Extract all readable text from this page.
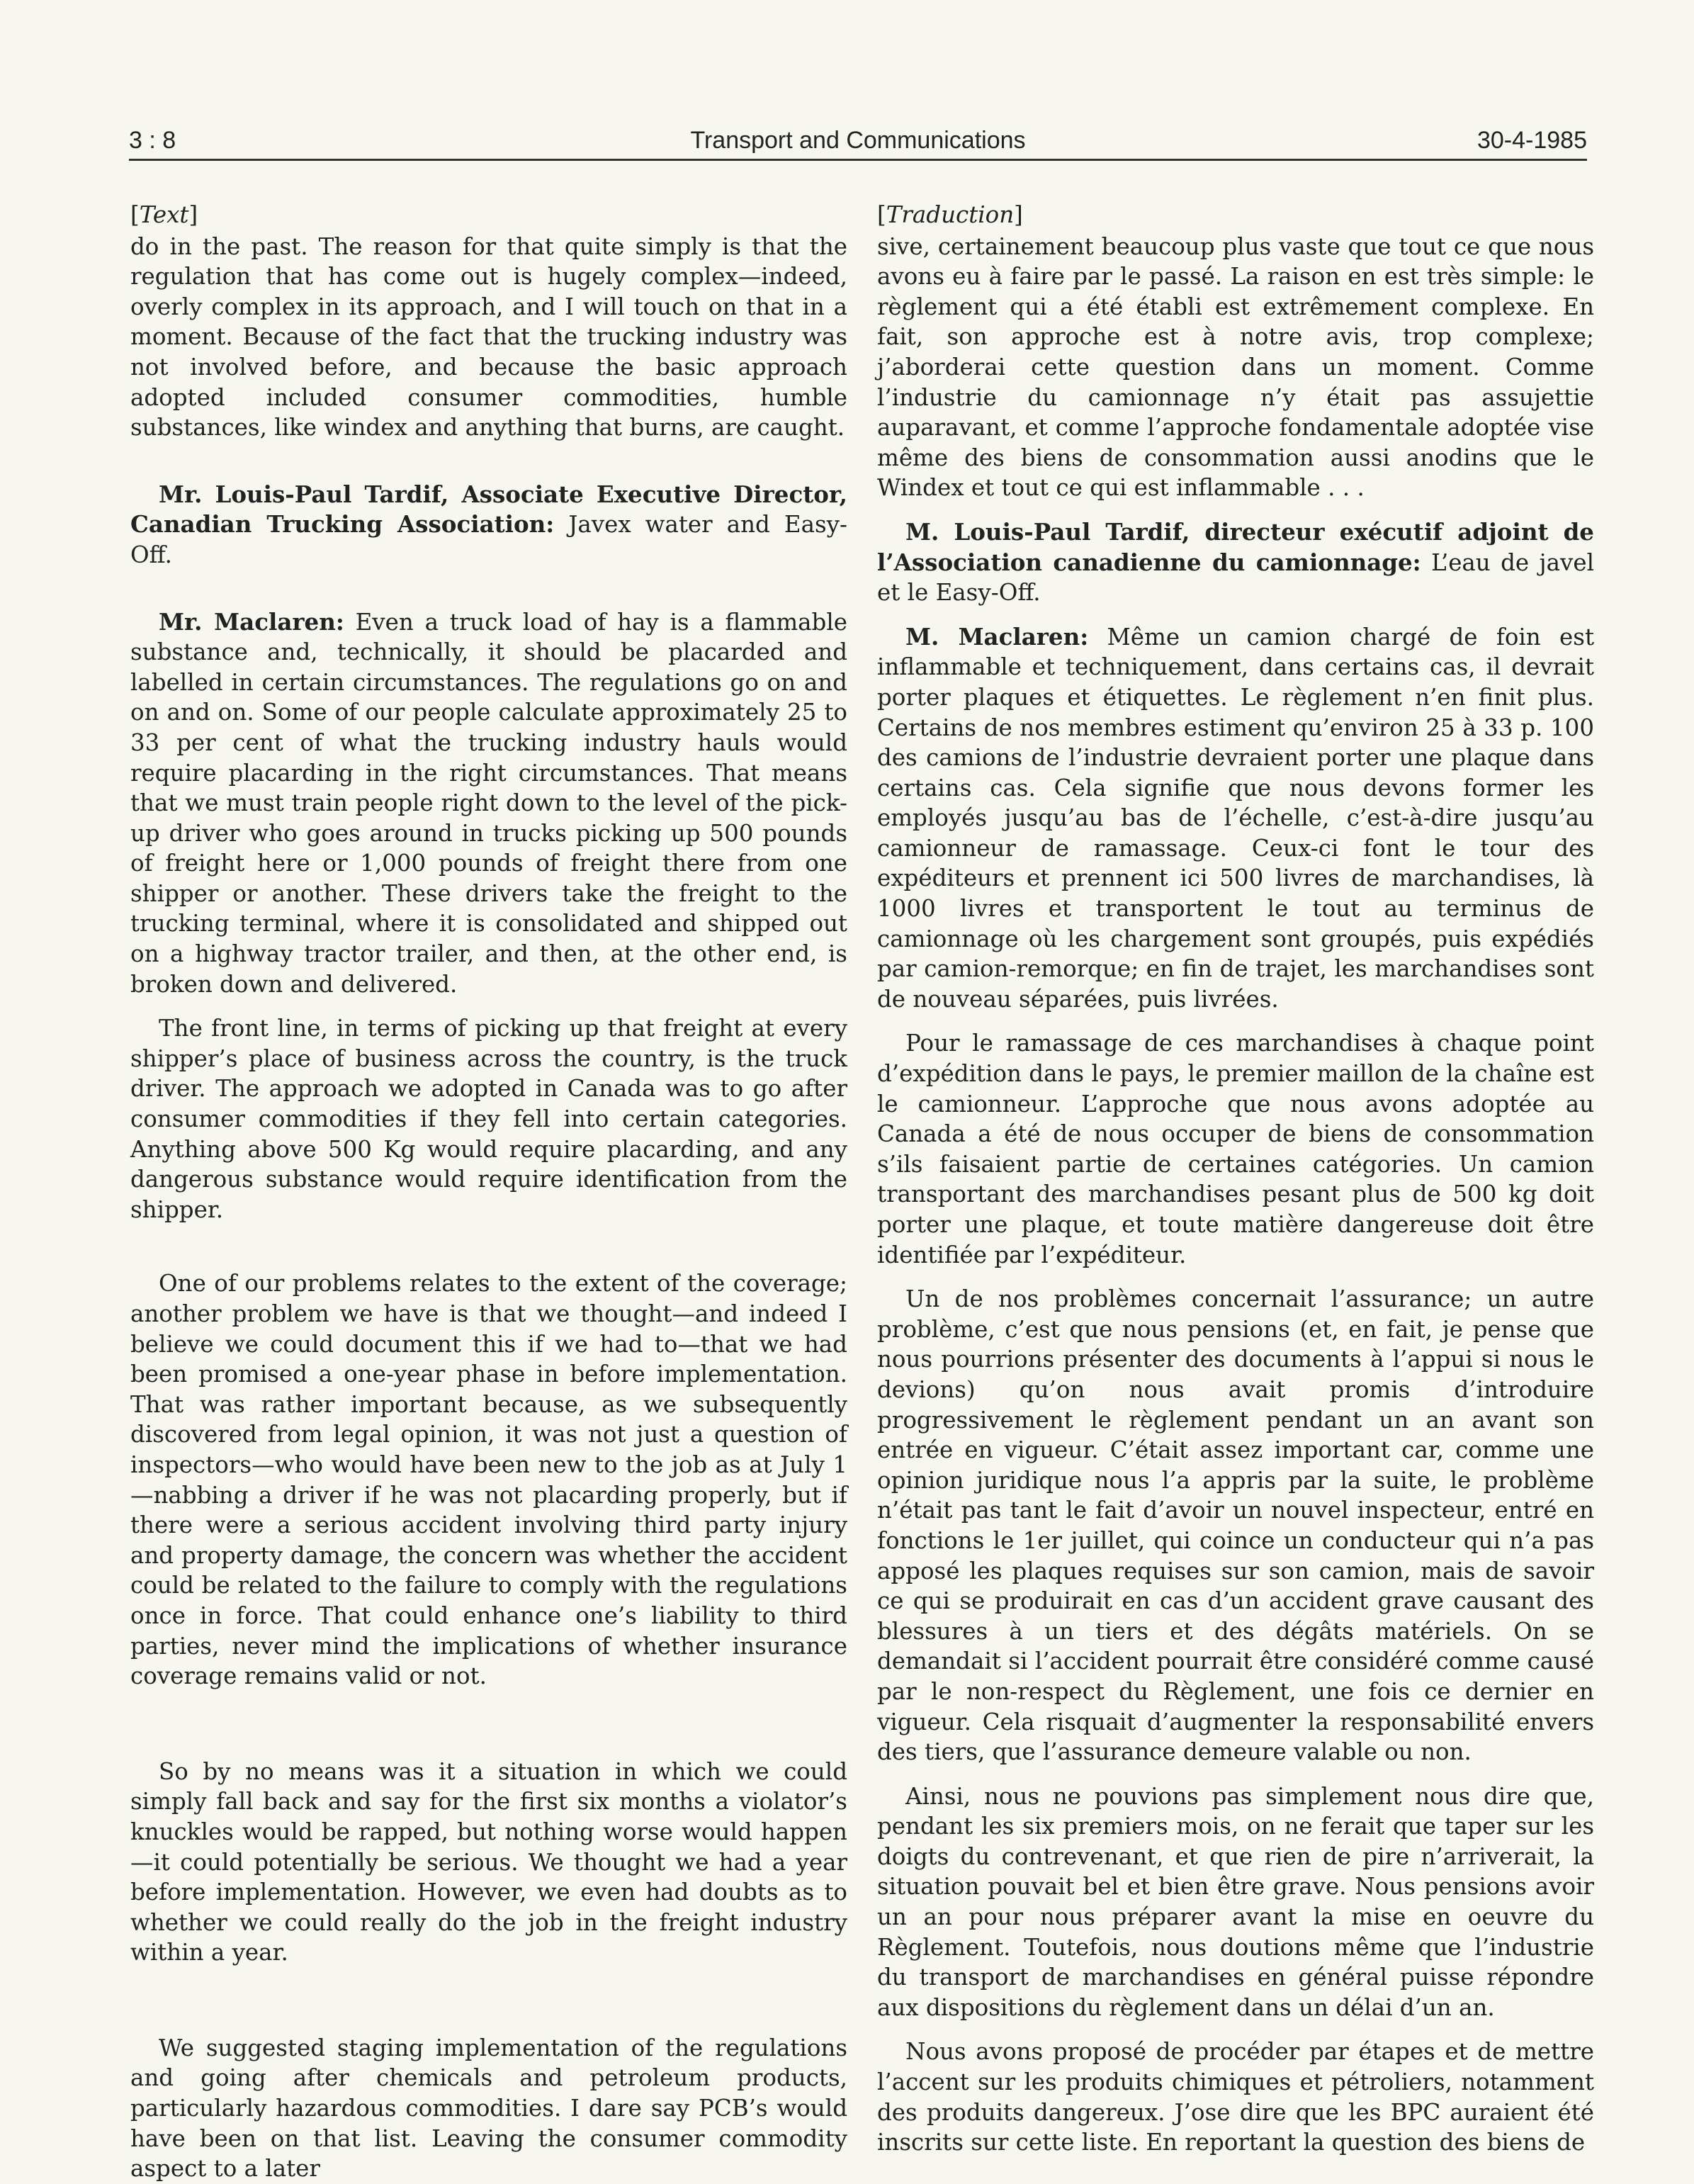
3 : 8	Transport and Communications	30-4-1985

[Text]

do in the past. The reason for that quite simply is that the regulation that has come out is hugely complex—indeed, overly complex in its approach, and I will touch on that in a moment. Because of the fact that the trucking industry was not involved before, and because the basic approach adopted included consumer commodities, humble substances, like windex and anything that burns, are caught.

Mr. Louis-Paul Tardif, Associate Executive Director, Canadian Trucking Association: Javex water and Easy-Off.

Mr. Maclaren: Even a truck load of hay is a flammable substance and, technically, it should be placarded and labelled in certain circumstances. The regulations go on and on and on. Some of our people calculate approximately 25 to 33 per cent of what the trucking industry hauls would require placarding in the right circumstances. That means that we must train people right down to the level of the pick-up driver who goes around in trucks picking up 500 pounds of freight here or 1,000 pounds of freight there from one shipper or another. These drivers take the freight to the trucking terminal, where it is consolidated and shipped out on a highway tractor trailer, and then, at the other end, is broken down and delivered.

The front line, in terms of picking up that freight at every shipper’s place of business across the country, is the truck driver. The approach we adopted in Canada was to go after consumer commodities if they fell into certain categories. Anything above 500 Kg would require placarding, and any dangerous substance would require identification from the shipper.

One of our problems relates to the extent of the coverage; another problem we have is that we thought—and indeed I believe we could document this if we had to—that we had been promised a one-year phase in before implementation. That was rather important because, as we subsequently discovered from legal opinion, it was not just a question of inspectors—who would have been new to the job as at July 1—nabbing a driver if he was not placarding properly, but if there were a serious accident involving third party injury and property damage, the concern was whether the accident could be related to the failure to comply with the regulations once in force. That could enhance one’s liability to third parties, never mind the implications of whether insurance coverage remains valid or not.

So by no means was it a situation in which we could simply fall back and say for the first six months a violator’s knuckles would be rapped, but nothing worse would happen—it could potentially be serious. We thought we had a year before implementation. However, we even had doubts as to whether we could really do the job in the freight industry within a year.

We suggested staging implementation of the regulations and going after chemicals and petroleum products, particularly hazardous commodities. I dare say PCB’s would have been on that list. Leaving the consumer commodity aspect to a later

[Traduction]

sive, certainement beaucoup plus vaste que tout ce que nous avons eu à faire par le passé. La raison en est très simple: le règlement qui a été établi est extrêmement complexe. En fait, son approche est à notre avis, trop complexe; j’aborderai cette question dans un moment. Comme l’industrie du camionnage n’y était pas assujettie auparavant, et comme l’approche fondamentale adoptée vise même des biens de consommation aussi anodins que le Windex et tout ce qui est inflammable . . .

M. Louis-Paul Tardif, directeur exécutif adjoint de l’Association canadienne du camionnage: L’eau de javel et le Easy-Off.

M. Maclaren: Même un camion chargé de foin est inflammable et techniquement, dans certains cas, il devrait porter plaques et étiquettes. Le règlement n’en finit plus. Certains de nos membres estiment qu’environ 25 à 33 p. 100 des camions de l’industrie devraient porter une plaque dans certains cas. Cela signifie que nous devons former les employés jusqu’au bas de l’échelle, c’est-à-dire jusqu’au camionneur de ramassage. Ceux-ci font le tour des expéditeurs et prennent ici 500 livres de marchandises, là 1000 livres et transportent le tout au terminus de camionnage où les chargement sont groupés, puis expédiés par camion-remorque; en fin de trajet, les marchandises sont de nouveau séparées, puis livrées.

Pour le ramassage de ces marchandises à chaque point d’expédition dans le pays, le premier maillon de la chaîne est le camionneur. L’approche que nous avons adoptée au Canada a été de nous occuper de biens de consommation s’ils faisaient partie de certaines catégories. Un camion transportant des marchandises pesant plus de 500 kg doit porter une plaque, et toute matière dangereuse doit être identifiée par l’expéditeur.

Un de nos problèmes concernait l’assurance; un autre problème, c’est que nous pensions (et, en fait, je pense que nous pourrions présenter des documents à l’appui si nous le devions) qu’on nous avait promis d’introduire progressivement le règlement pendant un an avant son entrée en vigueur. C’était assez important car, comme une opinion juridique nous l’a appris par la suite, le problème n’était pas tant le fait d’avoir un nouvel inspecteur, entré en fonctions le 1er juillet, qui coince un conducteur qui n’a pas apposé les plaques requises sur son camion, mais de savoir ce qui se produirait en cas d’un accident grave causant des blessures à un tiers et des dégâts matériels. On se demandait si l’accident pourrait être considéré comme causé par le non-respect du Règlement, une fois ce dernier en vigueur. Cela risquait d’augmenter la responsabilité envers des tiers, que l’assurance demeure valable ou non.

Ainsi, nous ne pouvions pas simplement nous dire que, pendant les six premiers mois, on ne ferait que taper sur les doigts du contrevenant, et que rien de pire n’arriverait, la situation pouvait bel et bien être grave. Nous pensions avoir un an pour nous préparer avant la mise en oeuvre du Règlement. Toutefois, nous doutions même que l’industrie du transport de marchandises en général puisse répondre aux dispositions du règlement dans un délai d’un an.

Nous avons proposé de procéder par étapes et de mettre l’accent sur les produits chimiques et pétroliers, notamment des produits dangereux. J’ose dire que les BPC auraient été inscrits sur cette liste. En reportant la question des biens de
